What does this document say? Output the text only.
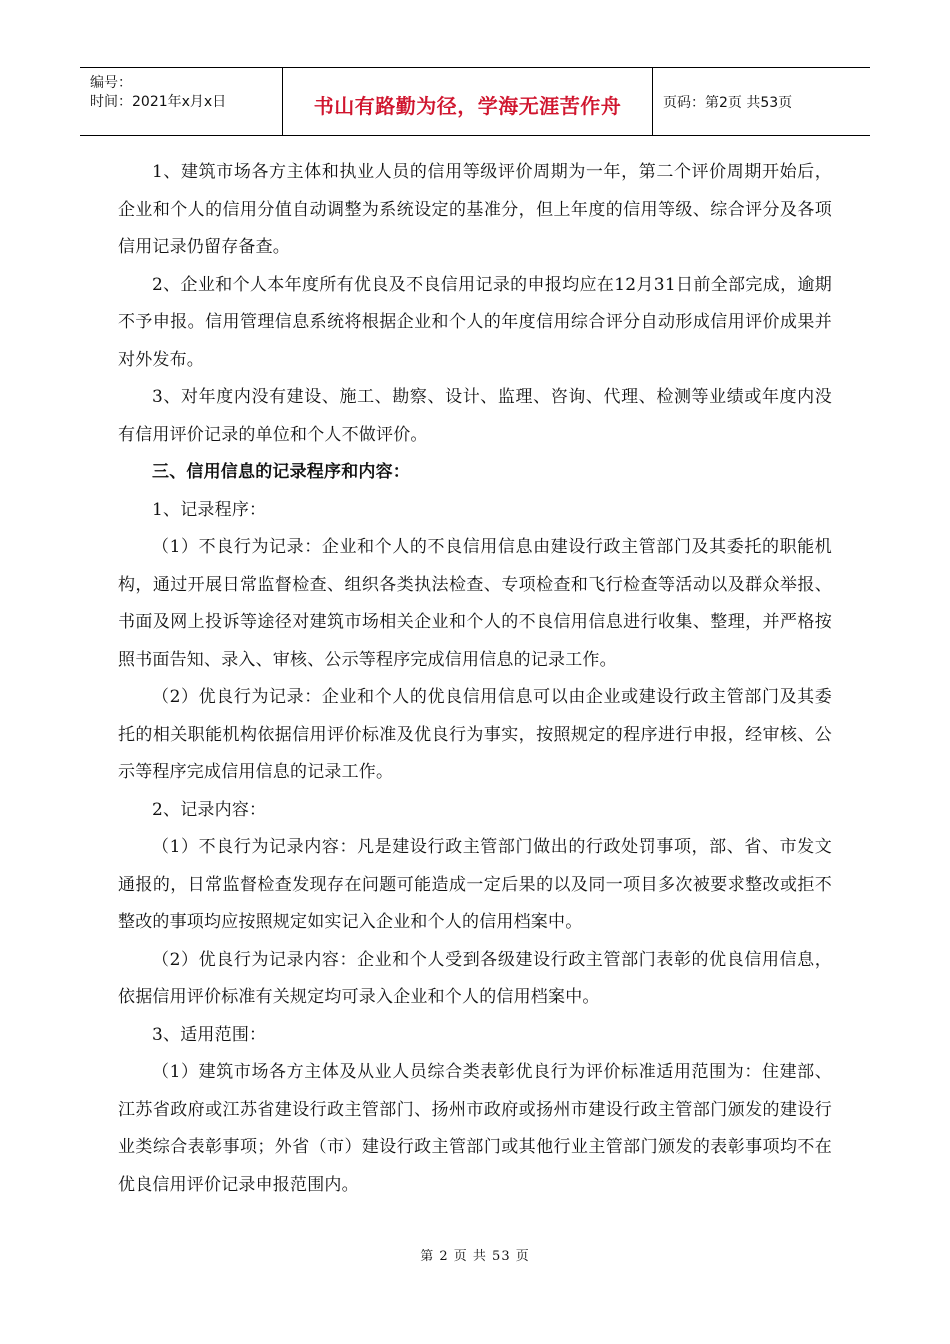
编号：
时间：2021年x月x日	书山有路勤为径，学海无涯苦作舟	页码：第2页 共53页

1、建筑市场各方主体和执业人员的信用等级评价周期为一年，第二个评价周期开始后，企业和个人的信用分值自动调整为系统设定的基准分，但上年度的信用等级、综合评分及各项信用记录仍留存备查。

2、企业和个人本年度所有优良及不良信用记录的申报均应在12月31日前全部完成，逾期不予申报。信用管理信息系统将根据企业和个人的年度信用综合评分自动形成信用评价成果并对外发布。

3、对年度内没有建设、施工、勘察、设计、监理、咨询、代理、检测等业绩或年度内没有信用评价记录的单位和个人不做评价。

三、信用信息的记录程序和内容：

1、记录程序：

（1）不良行为记录：企业和个人的不良信用信息由建设行政主管部门及其委托的职能机构，通过开展日常监督检查、组织各类执法检查、专项检查和飞行检查等活动以及群众举报、书面及网上投诉等途径对建筑市场相关企业和个人的不良信用信息进行收集、整理，并严格按照书面告知、录入、审核、公示等程序完成信用信息的记录工作。

（2）优良行为记录：企业和个人的优良信用信息可以由企业或建设行政主管部门及其委托的相关职能机构依据信用评价标准及优良行为事实，按照规定的程序进行申报，经审核、公示等程序完成信用信息的记录工作。

2、记录内容：

（1）不良行为记录内容：凡是建设行政主管部门做出的行政处罚事项，部、省、市发文通报的，日常监督检查发现存在问题可能造成一定后果的以及同一项目多次被要求整改或拒不整改的事项均应按照规定如实记入企业和个人的信用档案中。

（2）优良行为记录内容：企业和个人受到各级建设行政主管部门表彰的优良信用信息，依据信用评价标准有关规定均可录入企业和个人的信用档案中。

3、适用范围：

（1）建筑市场各方主体及从业人员综合类表彰优良行为评价标准适用范围为：住建部、江苏省政府或江苏省建设行政主管部门、扬州市政府或扬州市建设行政主管部门颁发的建设行业类综合表彰事项；外省（市）建设行政主管部门或其他行业主管部门颁发的表彰事项均不在优良信用评价记录申报范围内。

第 2 页 共 53 页
